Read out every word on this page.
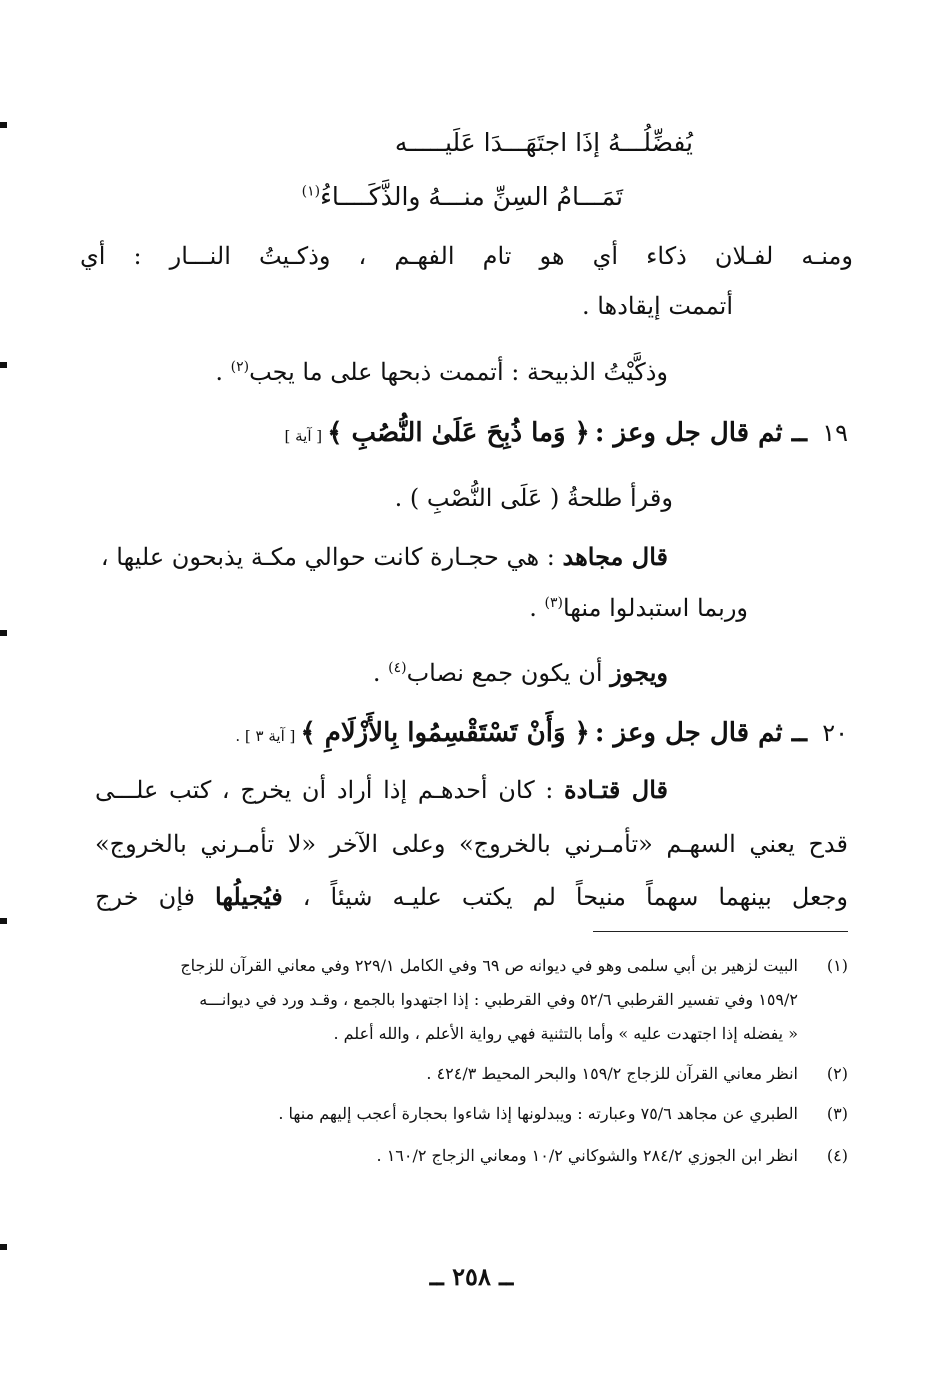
يُفضِّلُـــهُ إذَا اجتَهَـــدَا عَلَيـــــه
تَمَـــامُ السِنِّ منـــهُ والذَّكَــــاءُ$^{(١)}$
ومنـه لفـلان ذكاء أي هو تام الفهـم ، وذكـيتُ النـــار : أي
أتممت إيقادها .
وذكَّيْتُ الذبيحة : أتممت ذبحها على ما يجب$^{(٢)}$ .
١٩   ــ ثم قال جل وعز : ﴿ وَما ذُبِحَ عَلَىٰ النُّصُبِ ﴾ [ آية ]
وقرأ طلحةُ ( عَلَى النُّصْبِ ) .
قال مجاهد : هي حجـارة كانت حوالي مكـة يذبحون عليها ،
وربما استبدلوا منها$^{(٣)}$ .
ويجوز أن يكون جمع نصاب$^{(٤)}$ .
٢٠   ــ ثم قال جل وعز : ﴿ وَأَنْ تَسْتَقْسِمُوا بِالأَزْلَامِ ﴾ [ آية ٣ ] .
قال قتـادة : كان أحدهـم إذا أراد أن يخرج ، كتب علـــى
قدح يعني السهـم «تأمـرني بالخروج» وعلى الآخر «لا تأمـرني بالخروج»
وجعل بينهما سهماً منيحاً لم يكتب عليـه شيئاً ، فيُجيلُها فإن خرج
(١)البيت لزهير بن أبي سلمى وهو في ديوانه ص ٦٩ وفي الكامل ٢٢٩/١ وفي معاني القرآن للزجاج
١٥٩/٢ وفي تفسير القرطبي ٥٢/٦ وفي القرطبي : إذا اجتهدوا بالجمع ، وقـد ورد في ديوانـــه
« يفضله إذا اجتهدت عليه » وأما بالتثنية فهي رواية الأعلم ، والله أعلم .
(٢)انظر معاني القرآن للزجاج ١٥٩/٢ والبحر المحيط ٤٢٤/٣ .
(٣)الطبري عن مجاهد ٧٥/٦ وعبارته : ويبدلونها إذا شاءوا بحجارة أعجب إليهم منها .
(٤)انظر ابن الجوزي ٢٨٤/٢ والشوكاني ١٠/٢ ومعاني الزجاج ١٦٠/٢ .
ــ ٢٥٨ ــ
